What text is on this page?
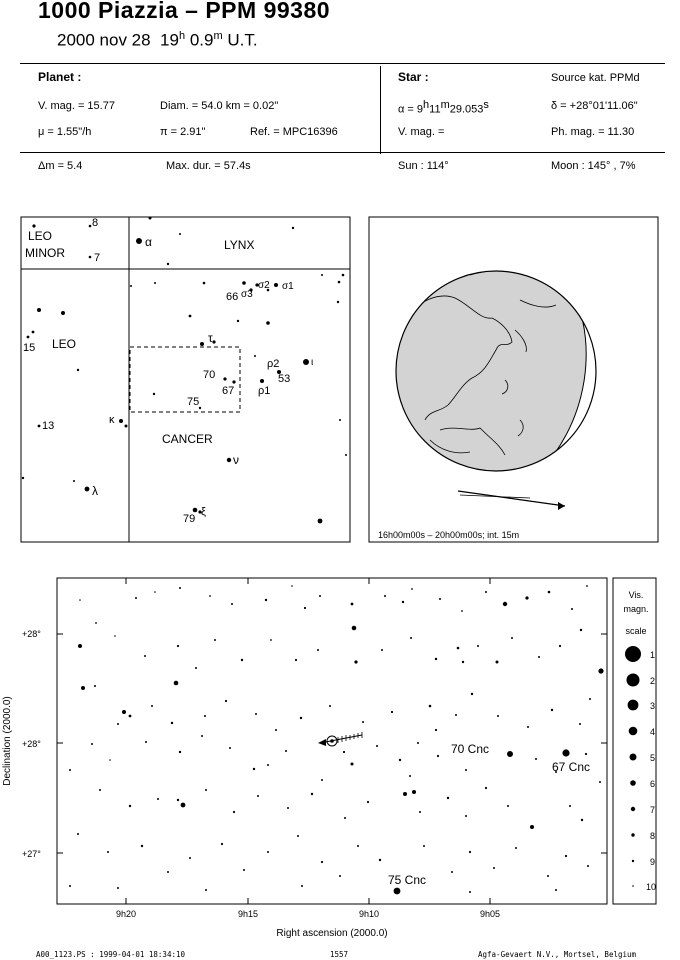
1000 Piazzia – PPM 99380
2000 nov 28 19$^h$ 0.9$^m$ U.T.
Planet :
V. mag. = 15.77	Diam. = 54.0 km = 0.02"
μ = 1.55"/h	π = 2.91"	Ref. = MPC16396
Star :	Source kat. PPMd
α = 9h11m29.053s	δ = +28°01'11.06"
V. mag. =	Ph. mag. = 11.30
Δm = 5.4	Max. dur. = 57.4s	Sun : 114°	Moon : 145° , 7%
LEO
MINOR
LYNX
LEO
CANCER
8
7
α
σ2 σ1
66 σ3
15
τ
ρ2	ι
70	53
67 ρ1
75
κ
13
ν
λ
79
ξ
16h00m00s – 20h00m00s; int. 15m
+28°
+28°
+27°
9h20	9h15	9h10	9h05
Right ascension (2000.0)
Declination (2000.0)	70 Cnc
67 Cnc
75 Cnc
Vis.
magn.
scale
1
2
3
4
5
6
7
8
9
10
A00_1123.PS : 1999-04-01 18:34:10	1557	Agfa-Gevaert N.V., Mortsel, Belgium
